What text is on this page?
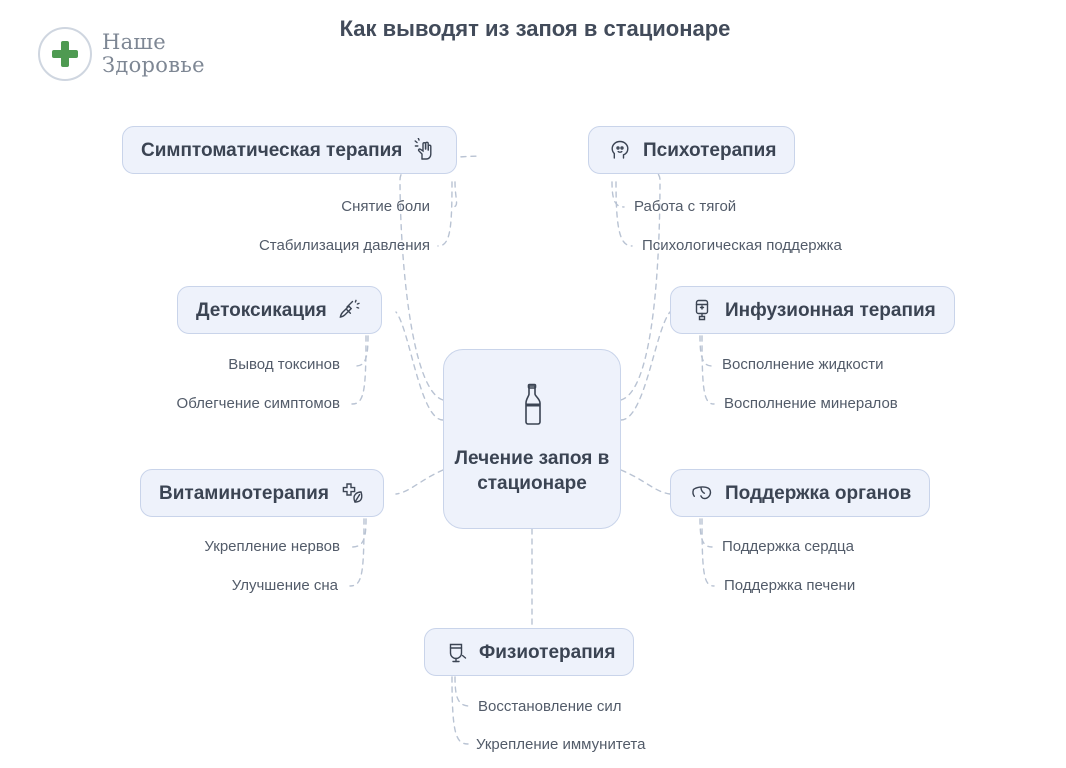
Наше
Здоровье
Как выводят из запоя в стационаре
Лечение запоя в стационаре
Симптоматическая терапия
Снятие боли
Стабилизация давления
Психотерапия
Работа с тягой
Психологическая поддержка
Детоксикация
Вывод токсинов
Облегчение симптомов
Инфузионная терапия
Восполнение жидкости
Восполнение минералов
Витаминотерапия
Укрепление нервов
Улучшение сна
Поддержка органов
Поддержка сердца
Поддержка печени
Физиотерапия
Восстановление сил
Укрепление иммунитета
